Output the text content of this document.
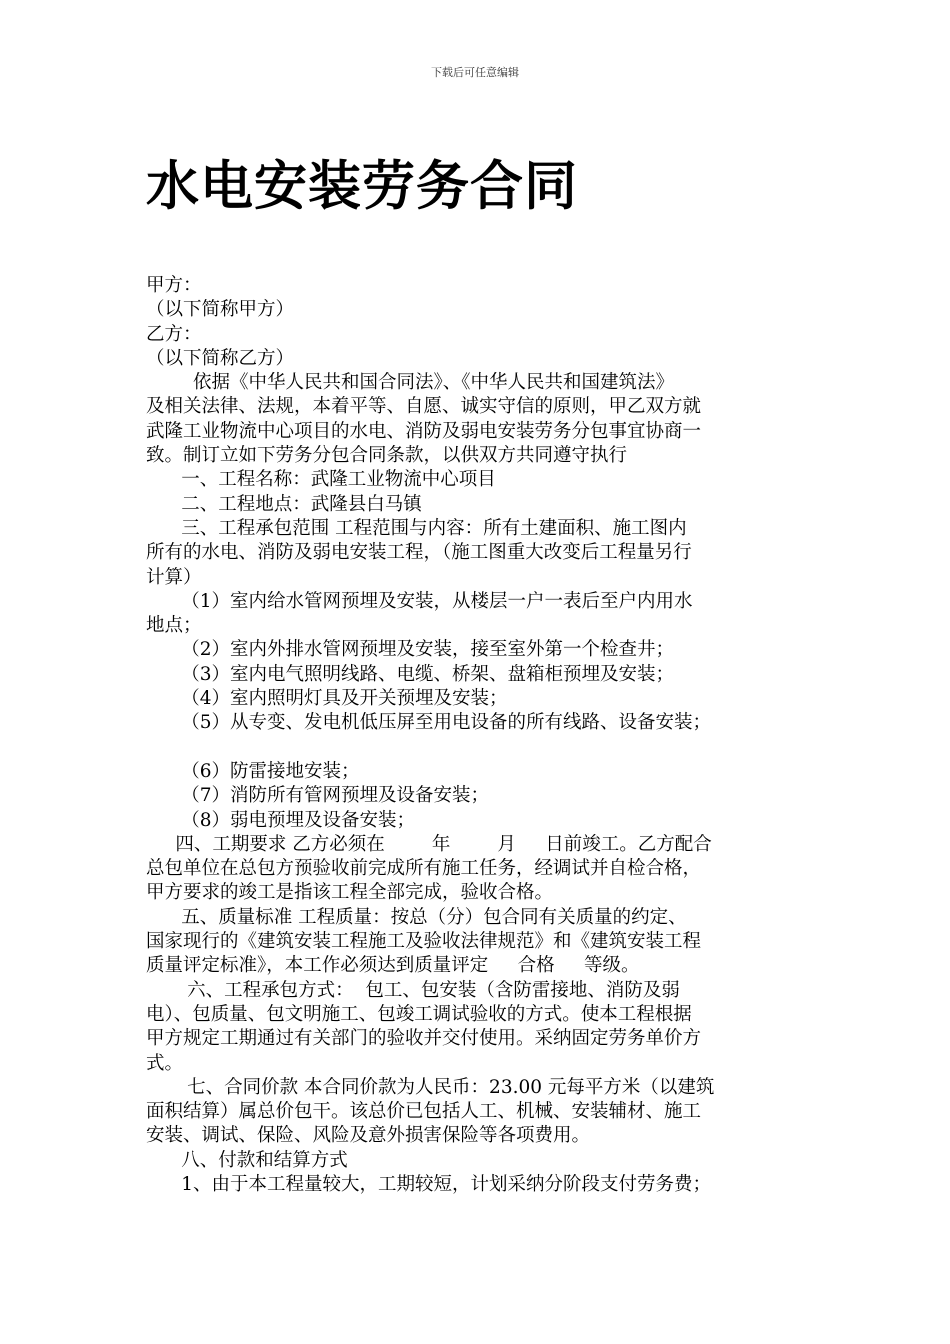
下载后可任意编辑
水电安装劳务合同

甲方：

（以下简称甲方）

乙方：

（以下简称乙方）

依据《中华人民共和国合同法》、《中华人民共和国建筑法》

及相关法律、法规，本着平等、自愿、诚实守信的原则，甲乙双方就

武隆工业物流中心项目的水电、消防及弱电安装劳务分包事宜协商一

致。制订立如下劳务分包合同条款，以供双方共同遵守执行

一、工程名称：武隆工业物流中心项目

二、工程地点：武隆县白马镇

三、工程承包范围 工程范围与内容：所有土建面积、施工图内

所有的水电、消防及弱电安装工程，（施工图重大改变后工程量另行

计算）

（1）室内给水管网预埋及安装，从楼层一户一表后至户内用水

地点；

（2）室内外排水管网预埋及安装，接至室外第一个检查井；

（3）室内电气照明线路、电缆、桥架、盘箱柜预埋及安装；

（4）室内照明灯具及开关预埋及安装；

（5）从专变、发电机低压屏至用电设备的所有线路、设备安装；

（6）防雷接地安装；

（7）消防所有管网预埋及设备安装；

（8）弱电预埋及设备安装；

四、工期要求 乙方必须在        年        月     日前竣工。乙方配合

总包单位在总包方预验收前完成所有施工任务，经调试并自检合格，

甲方要求的竣工是指该工程全部完成，验收合格。

五、质量标准 工程质量：按总（分）包合同有关质量的约定、

国家现行的《建筑安装工程施工及验收法律规范》和《建筑安装工程

质量评定标准》，本工作必须达到质量评定     合格     等级。

六、工程承包方式：  包工、包安装（含防雷接地、消防及弱

电）、包质量、包文明施工、包竣工调试验收的方式。使本工程根据

甲方规定工期通过有关部门的验收并交付使用。采纳固定劳务单价方

式。

七、合同价款 本合同价款为人民币：23.00 元每平方米（以建筑

面积结算）属总价包干。该总价已包括人工、机械、安装辅材、施工

安装、调试、保险、风险及意外损害保险等各项费用。

八、付款和结算方式

1、由于本工程量较大，工期较短，计划采纳分阶段支付劳务费；
